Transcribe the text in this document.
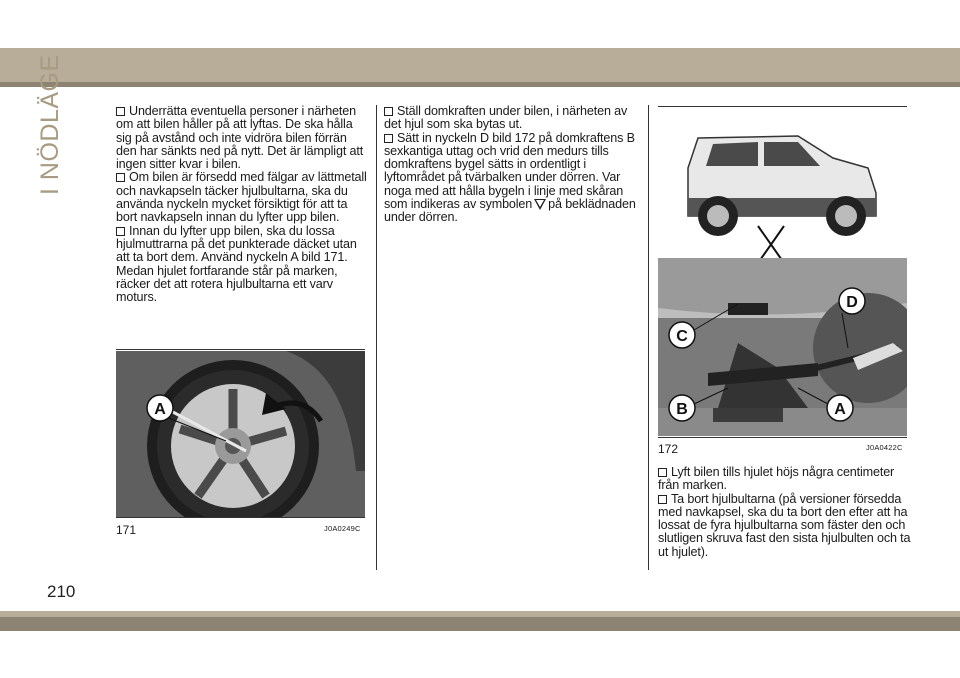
I NÖDLÄGE	Underrätta eventuella personer i närheten om att bilen håller på att lyftas. De ska hålla sig på avstånd och inte vidröra bilen förrän den har sänkts ned på nytt. Det är lämpligt att ingen sitter kvar i bilen.

Om bilen är försedd med fälgar av lättmetall och navkapseln täcker hjulbultarna, ska du använda nyckeln mycket försiktigt för att ta bort navkapseln innan du lyfter upp bilen.

Innan du lyfter upp bilen, ska du lossa hjulmuttrarna på det punkterade däcket utan att ta bort dem. Använd nyckeln A bild 171. Medan hjulet fortfarande står på marken, räcker det att rotera hjulbultarna ett varv moturs.

A
171	J0A0249C

Ställ domkraften under bilen, i närheten av det hjul som ska bytas ut.

Sätt in nyckeln D bild 172 på domkraftens B sexkantiga uttag och vrid den medurs tills domkraftens bygel sätts in ordentligt i lyftområdet på tvärbalken under dörren. Var noga med att hålla bygeln i linje med skåran som indikeras av symbolen på beklädnaden under dörren.

D
C
B	A
172	J0A0422C

Lyft bilen tills hjulet höjs några centimeter från marken.

Ta bort hjulbultarna (på versioner försedda med navkapsel, ska du ta bort den efter att ha lossat de fyra hjulbultarna som fäster den och slutligen skruva fast den sista hjulbulten och ta ut hjulet).

210
